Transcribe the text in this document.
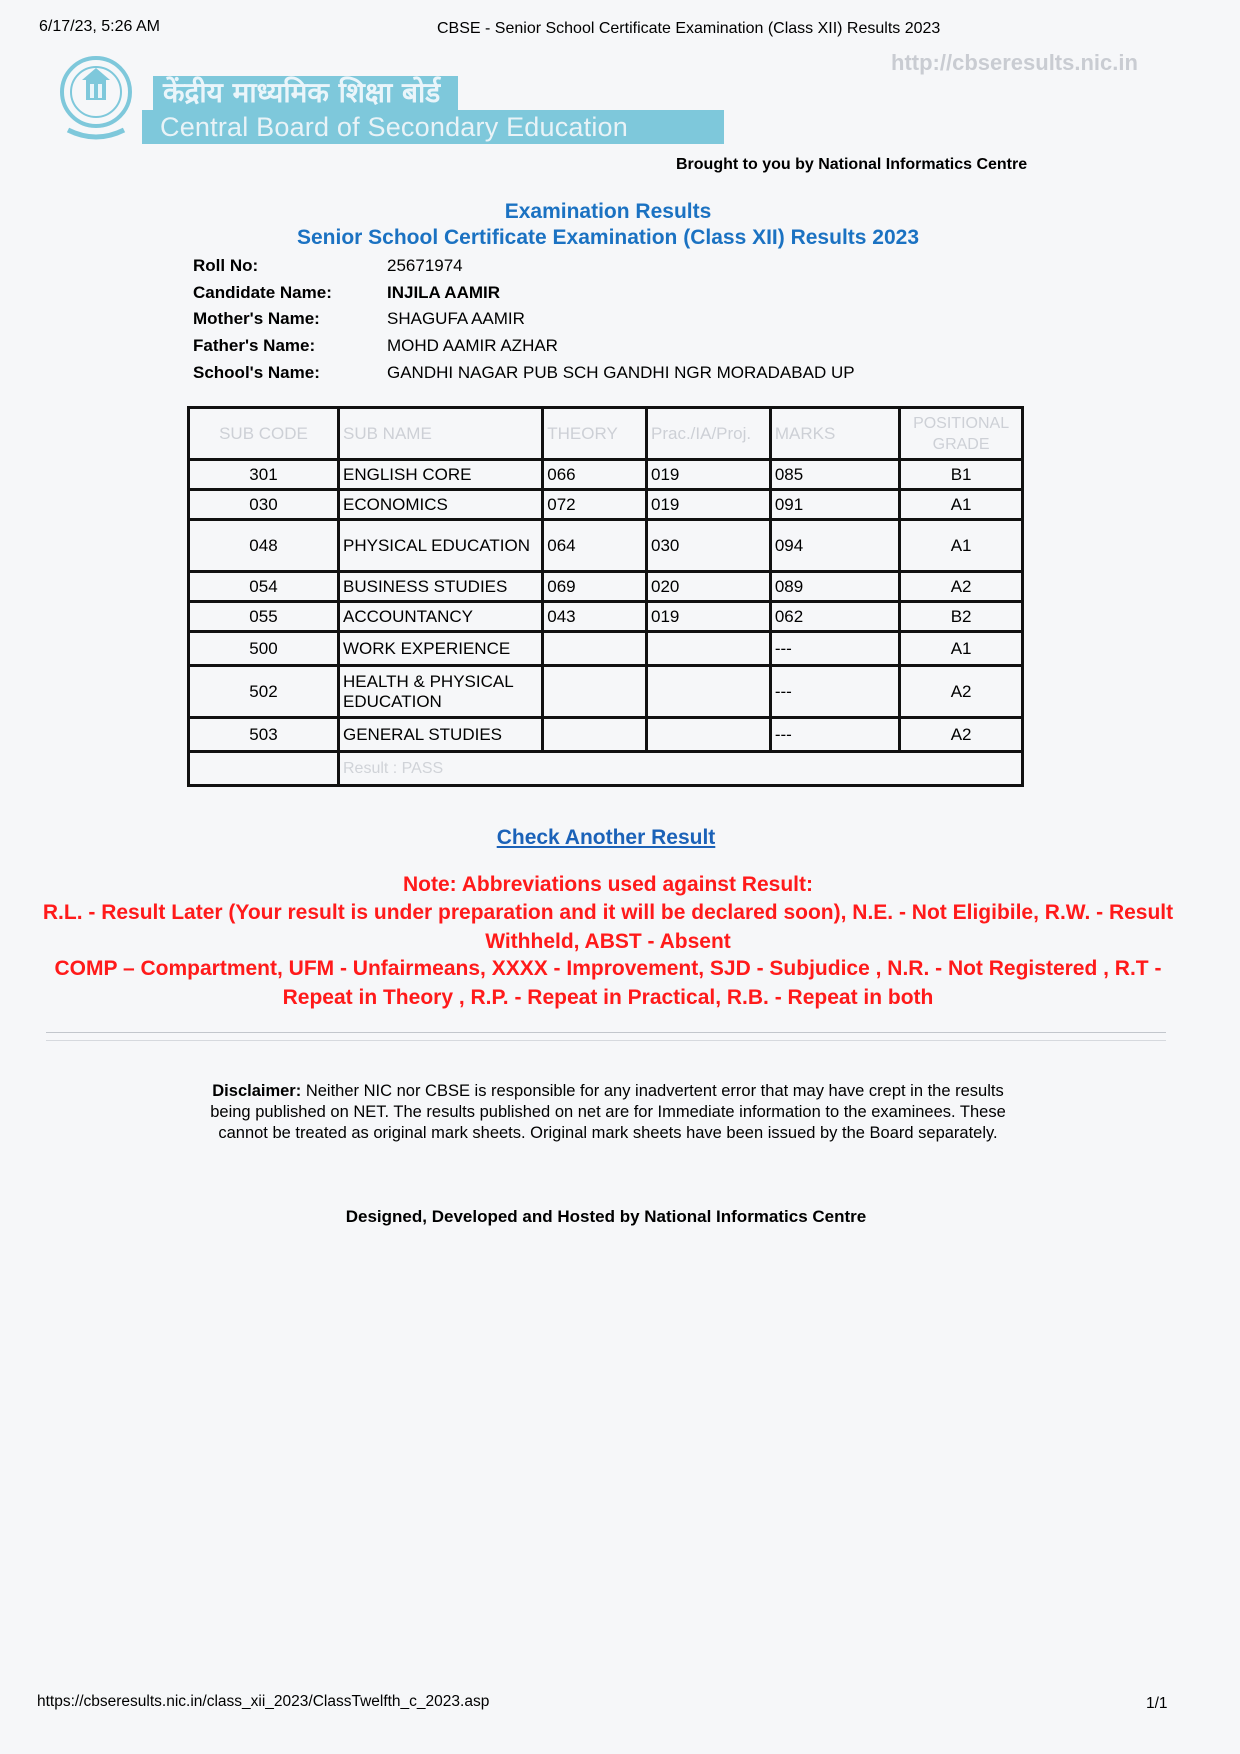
6/17/23, 5:26 AM	CBSE - Senior School Certificate Examination (Class XII) Results 2023
http://cbseresults.nic.in
केंद्रीय माध्यमिक शिक्षा बोर्ड
Central Board of Secondary Education
Brought to you by National Informatics Centre
Examination Results
Senior School Certificate Examination (Class XII) Results 2023
Roll No:	25671974
Candidate Name:	INJILA AAMIR
Mother's Name:	SHAGUFA AAMIR
Father's Name:	MOHD AAMIR AZHAR
School's Name:	GANDHI NAGAR PUB SCH GANDHI NGR MORADABAD UP
SUB CODE	SUB NAME	THEORY	Prac./IA/Proj.	MARKS	POSITIONAL GRADE
301	ENGLISH CORE	066	019	085	B1
030	ECONOMICS	072	019	091	A1
048	PHYSICAL EDUCATION	064	030	094	A1
054	BUSINESS STUDIES	069	020	089	A2
055	ACCOUNTANCY	043	019	062	B2
500	WORK EXPERIENCE			---	A1
502	HEALTH & PHYSICAL EDUCATION			---	A2
503	GENERAL STUDIES			---	A2
	Result : PASS				
Check Another Result
Note: Abbreviations used against Result:
R.L. - Result Later (Your result is under preparation and it will be declared soon), N.E. - Not Eligibile, R.W. - Result Withheld, ABST - Absent
COMP – Compartment, UFM - Unfairmeans, XXXX - Improvement, SJD - Subjudice , N.R. - Not Registered , R.T - Repeat in Theory , R.P. - Repeat in Practical, R.B. - Repeat in both
Disclaimer: Neither NIC nor CBSE is responsible for any inadvertent error that may have crept in the results being published on NET. The results published on net are for Immediate information to the examinees. These cannot be treated as original mark sheets. Original mark sheets have been issued by the Board separately.
Designed, Developed and Hosted by National Informatics Centre
https://cbseresults.nic.in/class_xii_2023/ClassTwelfth_c_2023.asp	1/1
